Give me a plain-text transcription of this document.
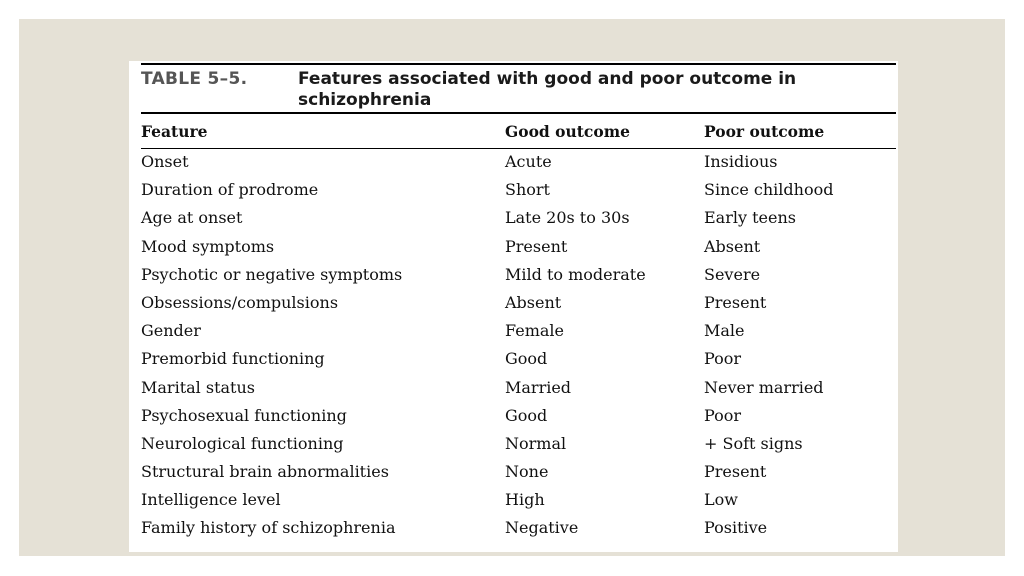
TABLE 5–5.	Features associated with good and poor outcome in schizophrenia
Feature	Good outcome	Poor outcome
Onset	Acute	Insidious
Duration of prodrome	Short	Since childhood
Age at onset	Late 20s to 30s	Early teens
Mood symptoms	Present	Absent
Psychotic or negative symptoms	Mild to moderate	Severe
Obsessions/compulsions	Absent	Present
Gender	Female	Male
Premorbid functioning	Good	Poor
Marital status	Married	Never married
Psychosexual functioning	Good	Poor
Neurological functioning	Normal	+ Soft signs
Structural brain abnormalities	None	Present
Intelligence level	High	Low
Family history of schizophrenia	Negative	Positive
